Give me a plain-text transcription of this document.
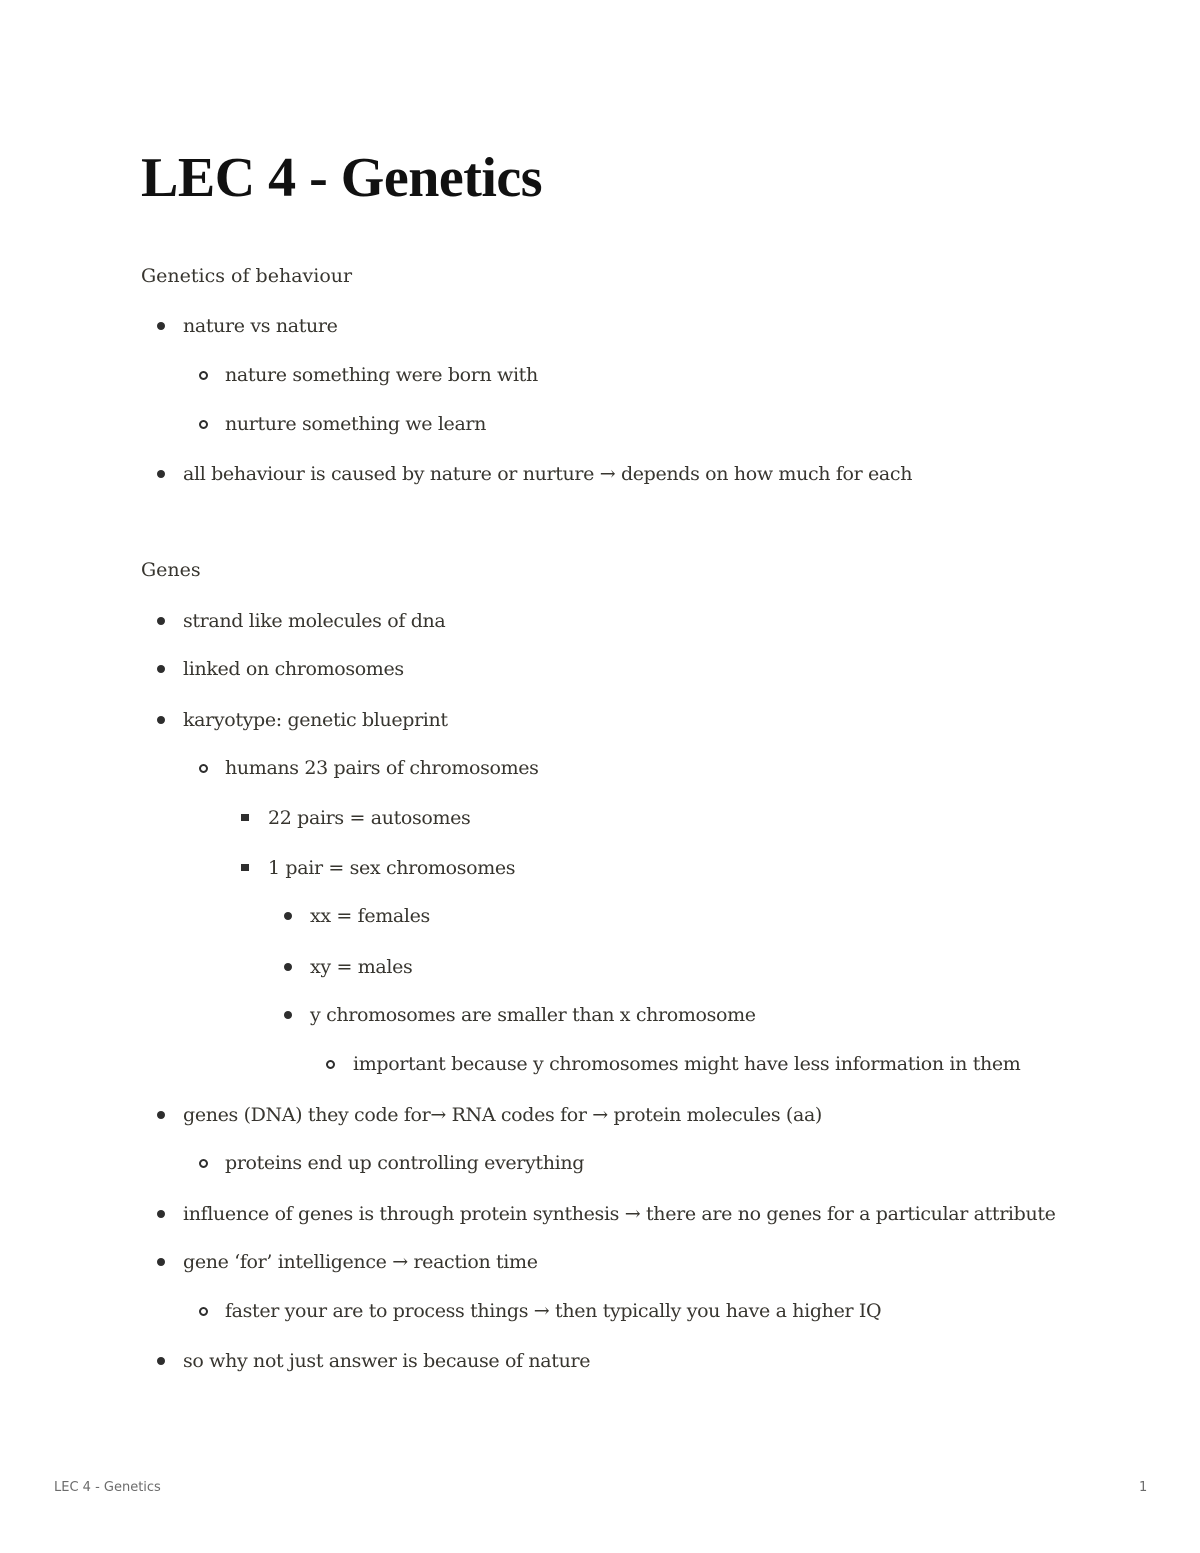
LEC 4 - Genetics

Genetics of behaviour

nature vs nature

nature something were born with

nurture something we learn

all behaviour is caused by nature or nurture → depends on how much for each

Genes

strand like molecules of dna

linked on chromosomes

karyotype: genetic blueprint

humans 23 pairs of chromosomes

22 pairs = autosomes

1 pair = sex chromosomes

xx = females

xy = males

y chromosomes are smaller than x chromosome

important because y chromosomes might have less information in them

genes (DNA) they code for→ RNA codes for → protein molecules (aa)

proteins end up controlling everything

influence of genes is through protein synthesis → there are no genes for a particular attribute

gene ‘for’ intelligence → reaction time

faster your are to process things → then typically you have a higher IQ

so why not just answer is because of nature

LEC 4 - Genetics	1
